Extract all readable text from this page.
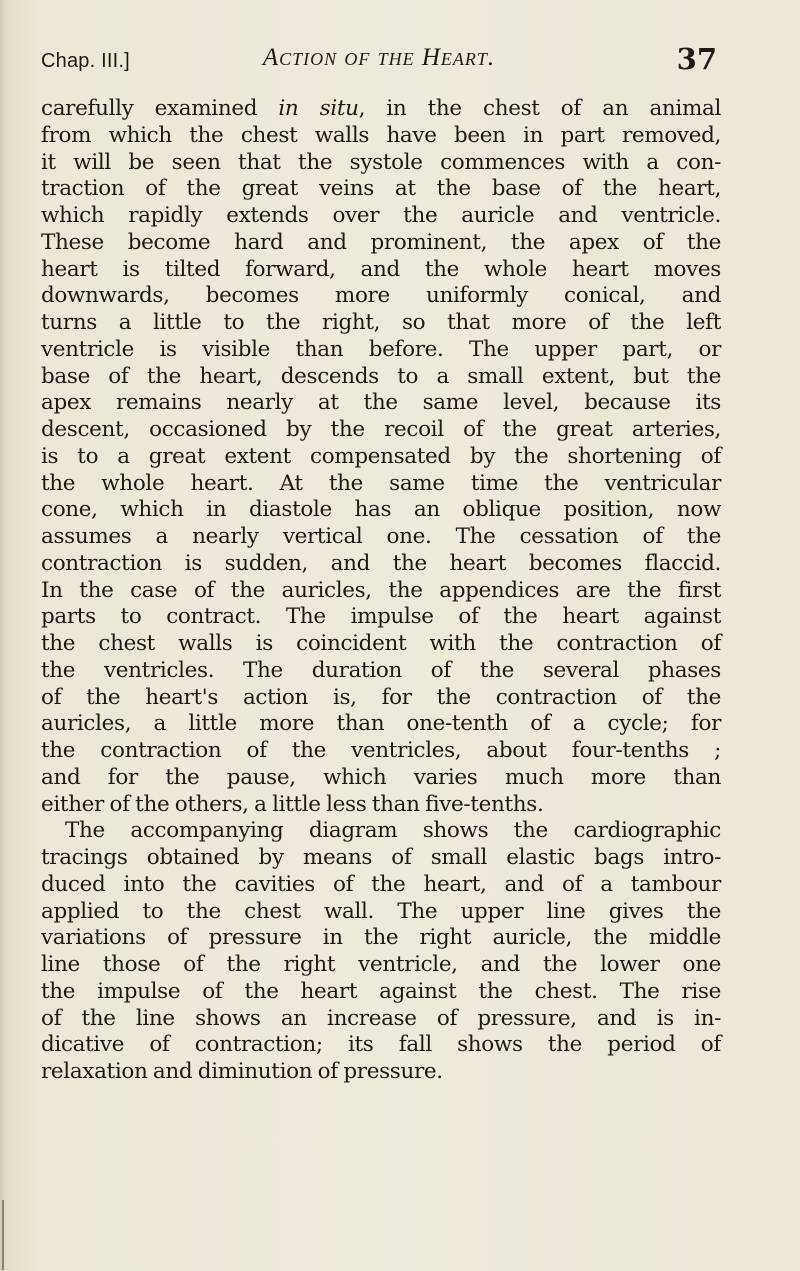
Chap. III.]	Action of the Heart.	37
carefully examined in situ, in the chest of an animal
from which the chest walls have been in part removed,
it will be seen that the systole commences with a con-
traction of the great veins at the base of the heart,
which rapidly extends over the auricle and ventricle.
These become hard and prominent, the apex of the
heart is tilted forward, and the whole heart moves
downwards, becomes more uniformly conical, and
turns a little to the right, so that more of the left
ventricle is visible than before. The upper part, or
base of the heart, descends to a small extent, but the
apex remains nearly at the same level, because its
descent, occasioned by the recoil of the great arteries,
is to a great extent compensated by the shortening of
the whole heart. At the same time the ventricular
cone, which in diastole has an oblique position, now
assumes a nearly vertical one. The cessation of the
contraction is sudden, and the heart becomes flaccid.
In the case of the auricles, the appendices are the first
parts to contract. The impulse of the heart against
the chest walls is coincident with the contraction of
the ventricles. The duration of the several phases
of the heart's action is, for the contraction of the
auricles, a little more than one-tenth of a cycle; for
the contraction of the ventricles, about four-tenths ;
and for the pause, which varies much more than
either of the others, a little less than five-tenths.
The accompanying diagram shows the cardiographic
tracings obtained by means of small elastic bags intro-
duced into the cavities of the heart, and of a tambour
applied to the chest wall. The upper line gives the
variations of pressure in the right auricle, the middle
line those of the right ventricle, and the lower one
the impulse of the heart against the chest. The rise
of the line shows an increase of pressure, and is in-
dicative of contraction; its fall shows the period of
relaxation and diminution of pressure.
